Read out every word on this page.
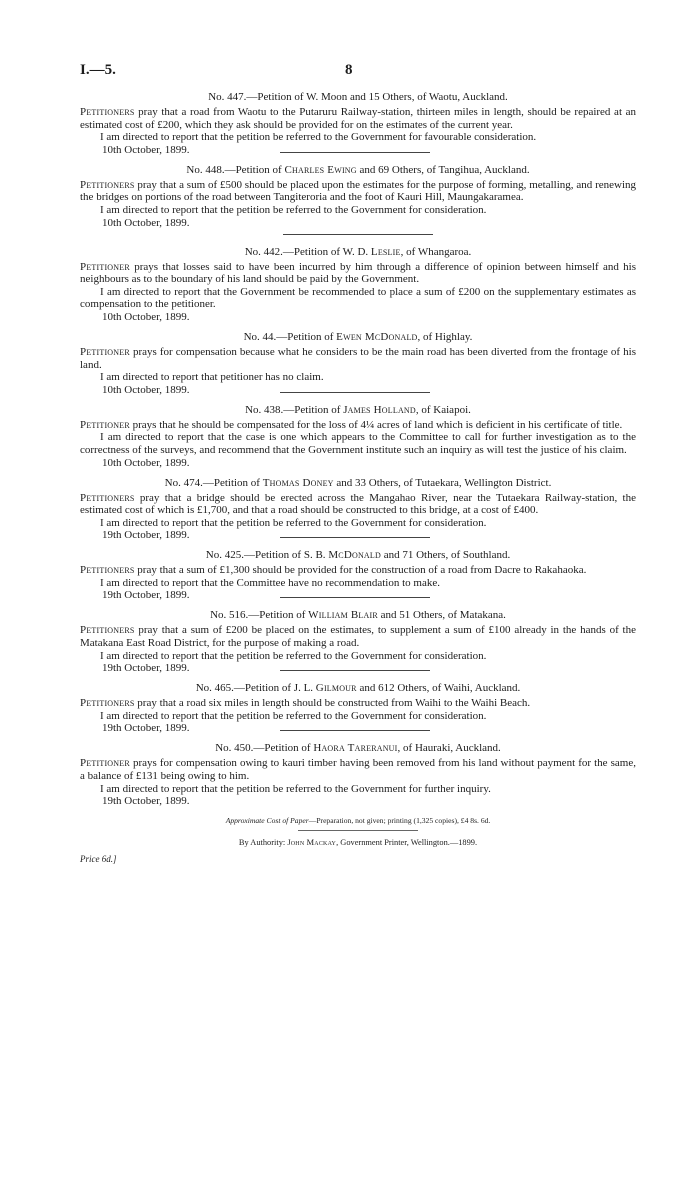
I.—5.	8
No. 447.—Petition of W. Moon and 15 Others, of Waotu, Auckland.
Petitioners pray that a road from Waotu to the Putaruru Railway-station, thirteen miles in length, should be repaired at an estimated cost of £200, which they ask should be provided for on the estimates of the current year.
I am directed to report that the petition be referred to the Government for favourable consideration.
10th October, 1899.
No. 448.—Petition of Charles Ewing and 69 Others, of Tangihua, Auckland.
Petitioners pray that a sum of £500 should be placed upon the estimates for the purpose of forming, metalling, and renewing the bridges on portions of the road between Tangiteroria and the foot of Kauri Hill, Maungakaramea.
I am directed to report that the petition be referred to the Government for consideration.
10th October, 1899.
No. 442.—Petition of W. D. Leslie, of Whangaroa.
Petitioner prays that losses said to have been incurred by him through a difference of opinion between himself and his neighbours as to the boundary of his land should be paid by the Government.
I am directed to report that the Government be recommended to place a sum of £200 on the supplementary estimates as compensation to the petitioner.
10th October, 1899.
No. 44.—Petition of Ewen McDonald, of Highlay.
Petitioner prays for compensation because what he considers to be the main road has been diverted from the frontage of his land.
I am directed to report that petitioner has no claim.
10th October, 1899.
No. 438.—Petition of James Holland, of Kaiapoi.
Petitioner prays that he should be compensated for the loss of 4¼ acres of land which is deficient in his certificate of title.
I am directed to report that the case is one which appears to the Committee to call for further investigation as to the correctness of the surveys, and recommend that the Government institute such an inquiry as will test the justice of his claim.
10th October, 1899.
No. 474.—Petition of Thomas Doney and 33 Others, of Tutaekara, Wellington District.
Petitioners pray that a bridge should be erected across the Mangahao River, near the Tutaekara Railway-station, the estimated cost of which is £1,700, and that a road should be constructed to this bridge, at a cost of £400.
I am directed to report that the petition be referred to the Government for consideration.
19th October, 1899.
No. 425.—Petition of S. B. McDonald and 71 Others, of Southland.
Petitioners pray that a sum of £1,300 should be provided for the construction of a road from Dacre to Rakahaoka.
I am directed to report that the Committee have no recommendation to make.
19th October, 1899.
No. 516.—Petition of William Blair and 51 Others, of Matakana.
Petitioners pray that a sum of £200 be placed on the estimates, to supplement a sum of £100 already in the hands of the Matakana East Road District, for the purpose of making a road.
I am directed to report that the petition be referred to the Government for consideration.
19th October, 1899.
No. 465.—Petition of J. L. Gilmour and 612 Others, of Waihi, Auckland.
Petitioners pray that a road six miles in length should be constructed from Waihi to the Waihi Beach.
I am directed to report that the petition be referred to the Government for consideration.
19th October, 1899.
No. 450.—Petition of Haora Tareranui, of Hauraki, Auckland.
Petitioner prays for compensation owing to kauri timber having been removed from his land without payment for the same, a balance of £131 being owing to him.
I am directed to report that the petition be referred to the Government for further inquiry.
19th October, 1899.
Approximate Cost of Paper—Preparation, not given; printing (1,325 copies), £4 8s. 6d.
By Authority: John Mackay, Government Printer, Wellington.—1899.
Price 6d.]
